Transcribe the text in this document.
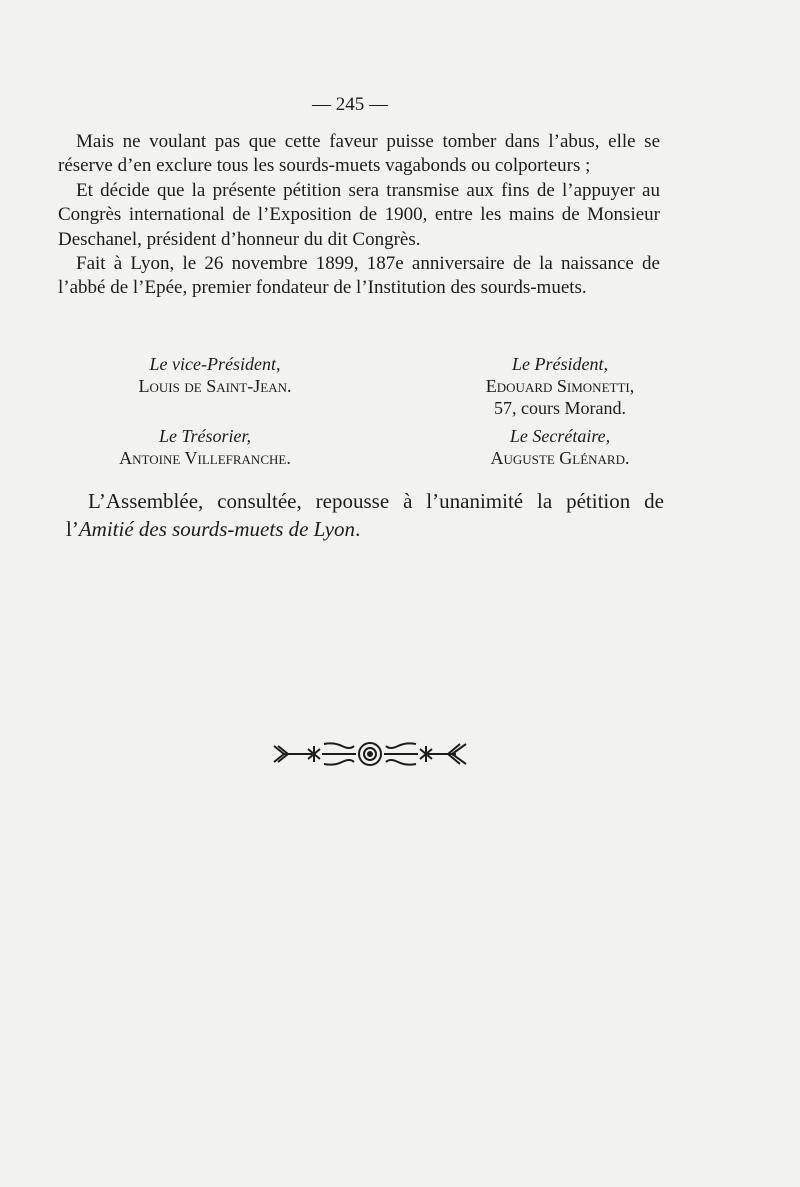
— 245 —

Mais ne voulant pas que cette faveur puisse tomber dans l’abus, elle se réserve d’en exclure tous les sourds-muets vagabonds ou colporteurs ;

Et décide que la présente pétition sera transmise aux fins de l’appuyer au Congrès international de l’Exposition de 1900, entre les mains de Monsieur Deschanel, président d’honneur du dit Congrès.

Fait à Lyon, le 26 novembre 1899, 187e anniversaire de la naissance de l’abbé de l’Epée, premier fondateur de l’Institution des sourds-muets.

Le vice-Président,
Louis de Saint-Jean.
Le Président,
Edouard Simonetti,
57, cours Morand.
Le Trésorier,
Antoine Villefranche.
Le Secrétaire,
Auguste Glénard.

L’Assemblée, consultée, repousse à l’unanimité la pétition de l’Amitié des sourds-muets de Lyon.
